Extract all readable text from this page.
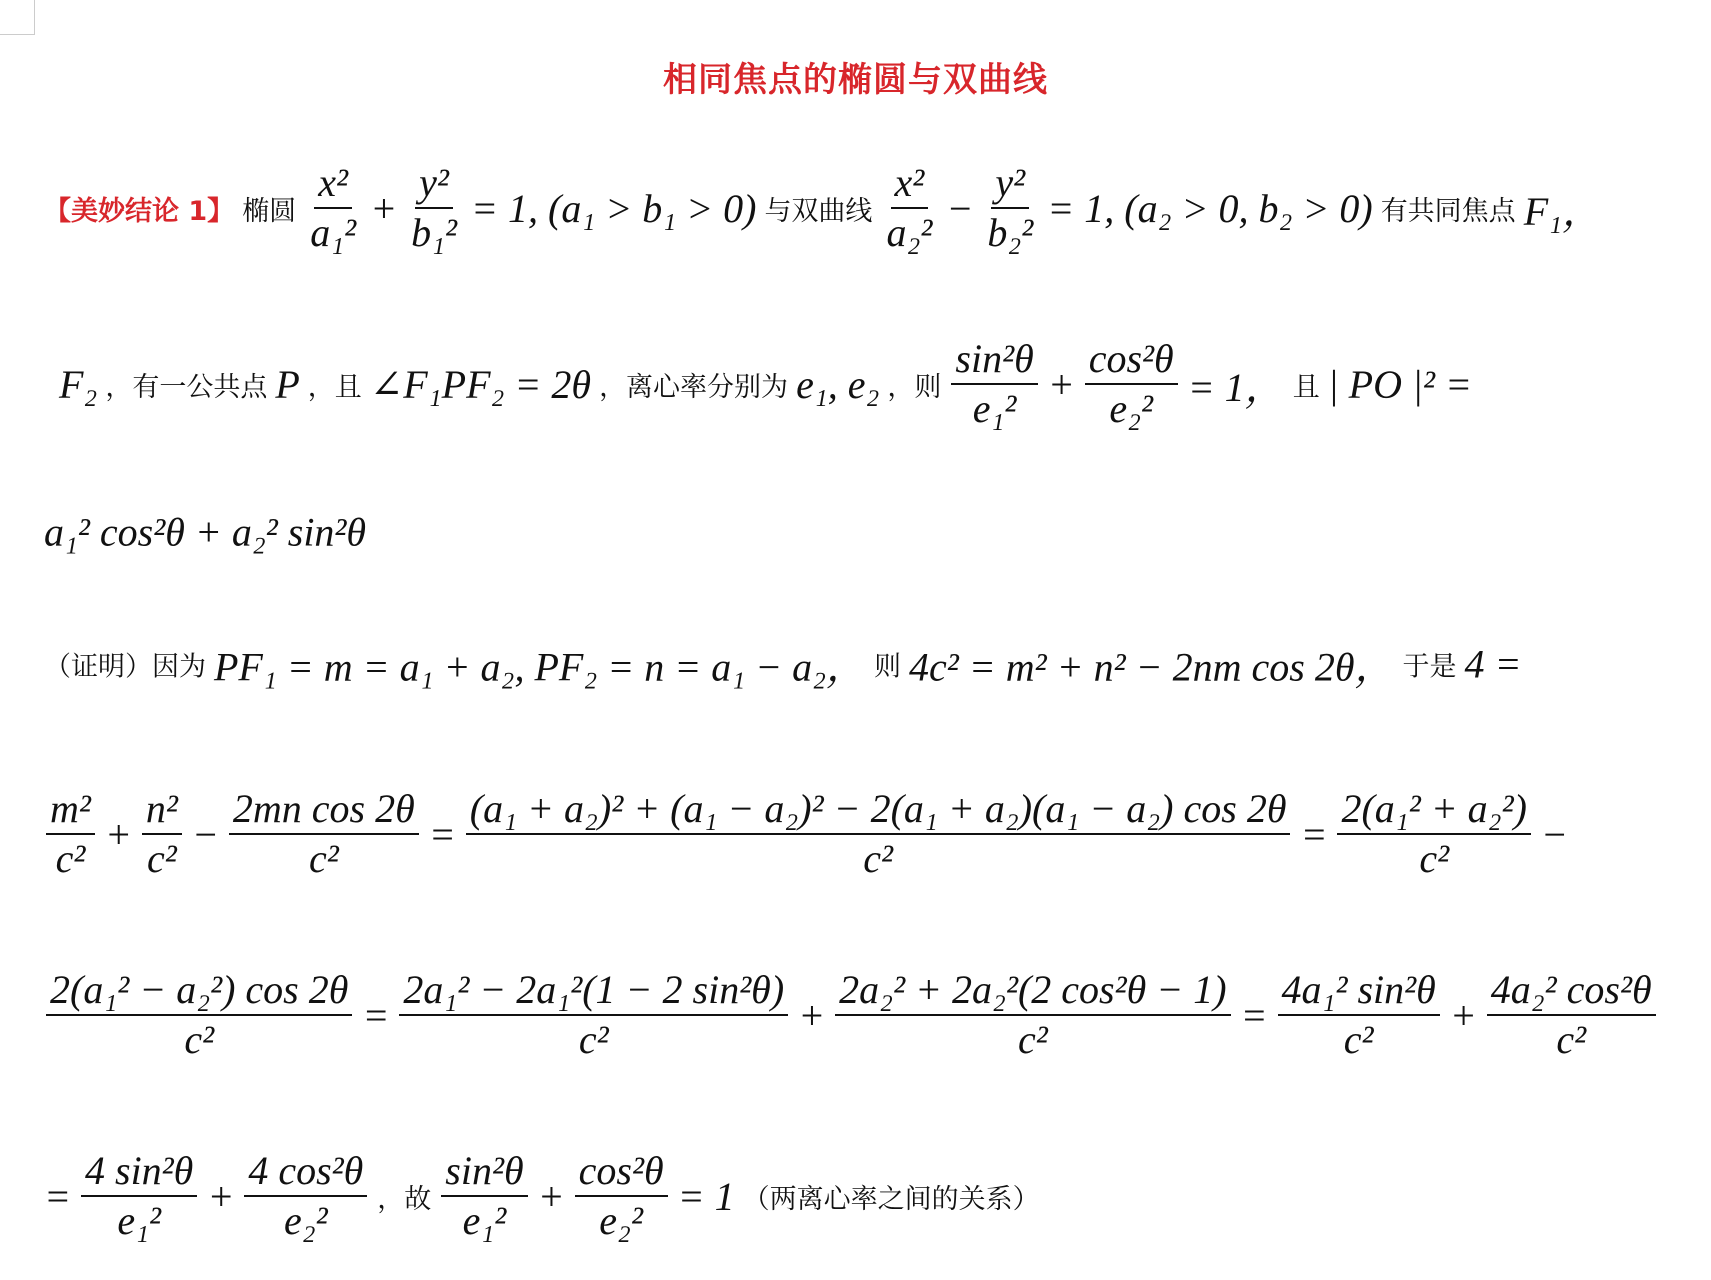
相同焦点的椭圆与双曲线
【美妙结论 1】 椭圆 $\frac{\text{x²}}{\text{a₁²}} + \frac{\text{y²}}{\text{b₁²}} = 1$, (a₁ > b₁ > 0) 与双曲线 $\frac{\text{x²}}{\text{a₂²}} - \frac{\text{y²}}{\text{b₂²}} = 1$, (a₂ > 0, b₂ > 0) 有共同焦点 F₁，
F₂ ，有一公共点 P ，且 ∠F₁PF₂ = 2θ ，离心率分别为 e₁, e₂ ，则 $\frac{\text{sin²θ}}{\text{e₁²}} + \frac{\text{cos²θ}}{\text{e₂²}} = 1$， 且 | PO |² =
a₁² cos²θ + a₂² sin²θ
（证明）因为 PF₁ = m = a₁ + a₂, PF₂ = n = a₁ − a₂， 则 4c² = m² + n² − 2nm cos 2θ， 于是 4 =
$\frac{\text{m²}}{\text{c²}} + \frac{\text{n²}}{\text{c²}} - \frac{\text{2mn cos 2θ}}{\text{c²}} = \frac{\text{(a₁ + a₂)² + (a₁ − a₂)² − 2(a₁ + a₂)(a₁ − a₂) cos 2θ}}{\text{c²}} = \frac{\text{2(a₁² + a₂²)}}{\text{c²}}$ −
$\frac{\text{2(a₁² − a₂²) cos 2θ}}{\text{c²}} = \frac{\text{2a₁² − 2a₁²(1 − 2 sin²θ)}}{\text{c²}} + \frac{\text{2a₂² + 2a₂²(2 cos²θ − 1)}}{\text{c²}} = \frac{\text{4a₁² sin²θ}}{\text{c²}} + \frac{\text{4a₂² cos²θ}}{\text{c²}}$
= $\frac{\text{4 sin²θ}}{\text{e₁²}} + \frac{\text{4 cos²θ}}{\text{e₂²}}$ ，故 $\frac{\text{sin²θ}}{\text{e₁²}} + \frac{\text{cos²θ}}{\text{e₂²}} = 1$ （两离心率之间的关系）
